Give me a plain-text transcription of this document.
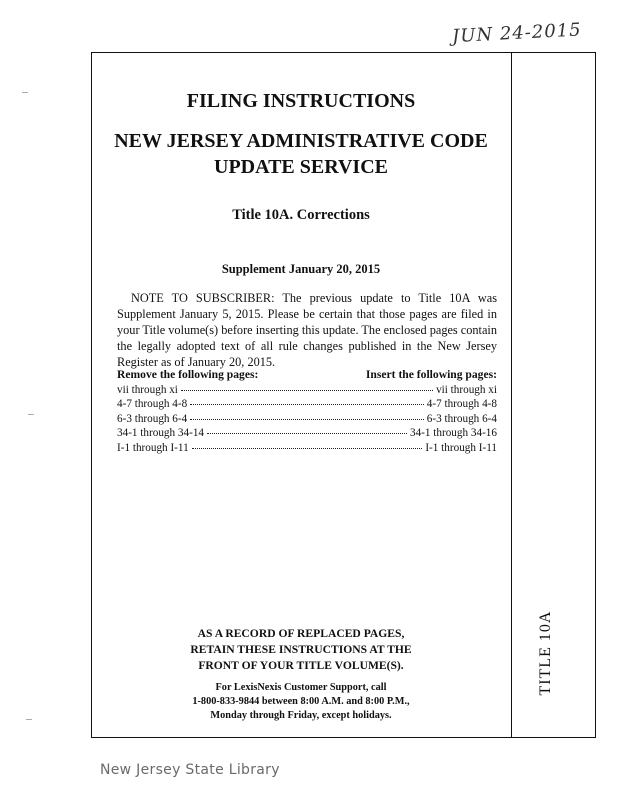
JUN 24-2015
FILING INSTRUCTIONS
NEW JERSEY ADMINISTRATIVE CODE
UPDATE SERVICE
Title 10A. Corrections
Supplement January 20, 2015
NOTE TO SUBSCRIBER: The previous update to Title 10A was Supplement January 5, 2015. Please be certain that those pages are filed in your Title volume(s) before inserting this update. The enclosed pages contain the legally adopted text of all rule changes published in the New Jersey Register as of January 20, 2015.
Remove the following pages:	Insert the following pages:
vii through xi	vii through xi
4-7 through 4-8	4-7 through 4-8
6-3 through 6-4	6-3 through 6-4
34-1 through 34-14	34-1 through 34-16
I-1 through I-11	I-1 through I-11
AS A RECORD OF REPLACED PAGES,
RETAIN THESE INSTRUCTIONS AT THE
FRONT OF YOUR TITLE VOLUME(S).
For LexisNexis Customer Support, call
1-800-833-9844 between 8:00 A.M. and 8:00 P.M.,
Monday through Friday, except holidays.
TITLE 10A
New Jersey State Library
